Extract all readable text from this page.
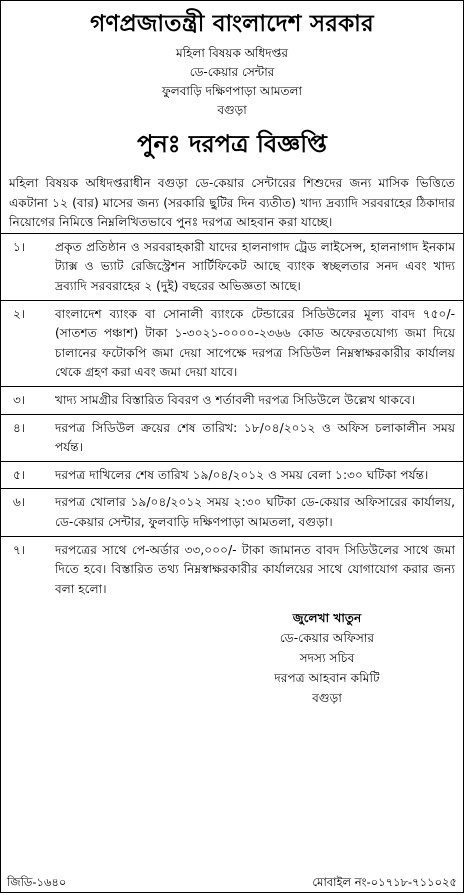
গণপ্রজাতন্ত্রী বাংলাদেশ সরকার
মহিলা বিষয়ক অধিদপ্তর
ডে-কেয়ার সেন্টার
ফুলবাড়ি দক্ষিণপাড়া আমতলা
বগুড়া
পুনঃ দরপত্র বিজ্ঞপ্তি
মহিলা বিষয়ক অধিদপ্তরাধীন বগুড়া ডে-কেয়ার সেন্টারের শিশুদের জন্য মাসিক ভিত্তিতে একটানা ১২ (বার) মাসের জন্য (সরকারি ছুটির দিন ব্যতীত) খাদ্য দ্রব্যাদি সরবরাহের ঠিকাদার নিয়োগের নিমিত্তে নিম্নলিখিতভাবে পুনঃ দরপত্র আহবান করা যাচ্ছে।
১।	প্রকৃত প্রতিষ্ঠান ও সরবরাহকারী যাদের হালনাগাদ ট্রেড লাইসেন্স, হালনাগাদ ইনকাম ট্যাক্স ও ভ্যাট রেজিস্ট্রেশন সার্টিফিকেট আছে ব্যাংক স্বচ্ছলতার সনদ এবং খাদ্য দ্রব্যাদি সরবরাহের ২ (দুই) বছরের অভিজ্ঞতা আছে।
২।	বাংলাদেশ ব্যাংক বা সোনালী ব্যাংকে টেন্ডারের সিডিউলের মূল্য বাবদ ৭৫০/- (সাতশত পঞ্চাশ) টাকা ১-৩০২১-০০০০-২৩৬৬ কোড অফেরতযোগ্য জমা দিয়ে চালানের ফটোকপি জমা দেয়া সাপেক্ষে দরপত্র সিডিউল নিম্নস্বাক্ষরকারীর কার্যালয় থেকে গ্রহণ করা এবং জমা দেয়া যাবে।
৩।	খাদ্য সামগ্রীর বিস্তারিত বিবরণ ও শর্তাবলী দরপত্র সিডিউলে উল্লেখ থাকবে।
৪।	দরপত্র সিডিউল ক্রয়ের শেষ তারিখ: ১৮/০৪/২০১২ ও অফিস চলাকালীন সময় পর্যন্ত।
৫।	দরপত্র দাখিলের শেষ তারিখ ১৯/০৪/২০১২ ও সময় বেলা ১:৩০ ঘটিকা পর্যন্ত।
৬।	দরপত্র খোলার ১৯/০৪/২০১২ সময় ২:৩০ ঘটিকা ডে-কেয়ার অফিসারের কার্যালয়, ডে-কেয়ার সেন্টার, ফুলবাড়ি দক্ষিণপাড়া আমতলা, বগুড়া।
৭।	দরপত্রের সাথে পে-অর্ডার ৩৩,০০০/- টাকা জামানত বাবদ সিডিউলের সাথে জমা দিতে হবে। বিস্তারিত তথ্য নিম্নস্বাক্ষরকারীর কার্যালয়ের সাথে যোগাযোগ করার জন্য বলা হলো।
জুলেখা খাতুন
ডে-কেয়ার অফিসার
সদস্য সচিব
দরপত্র আহবান কমিটি
বগুড়া
জিডি-১৬৪০	মোবাইল নং-০১৭১৮-৭১১০২৫
